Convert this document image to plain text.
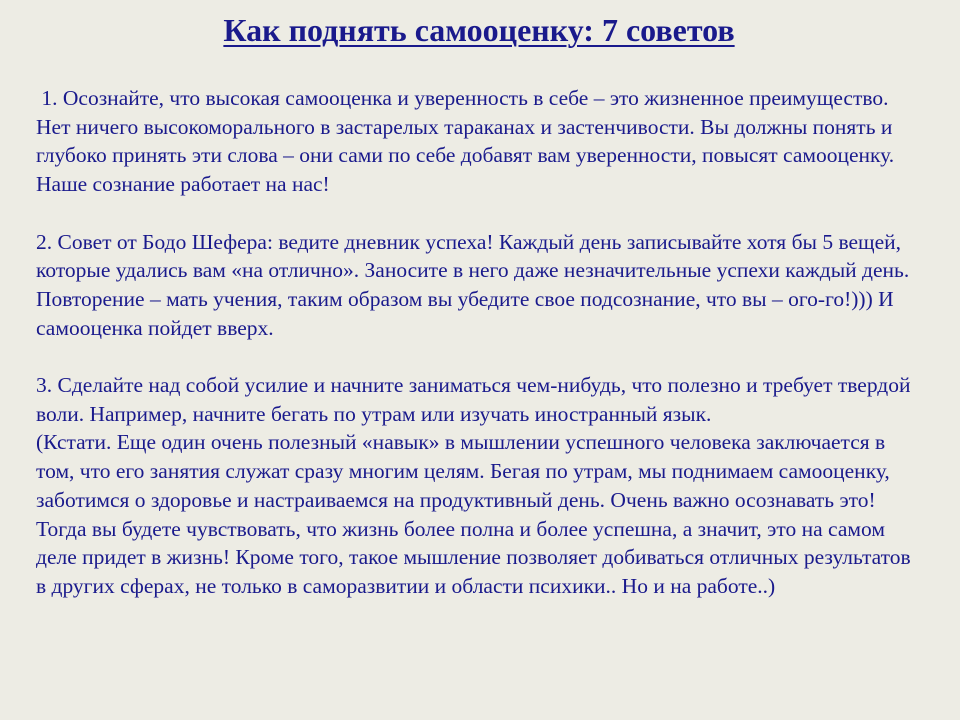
Как поднять самооценку: 7 советов

1. Осознайте, что высокая самооценка и уверенность в себе – это жизненное преимущество. Нет ничего высокоморального в застарелых тараканах и застенчивости. Вы должны понять и глубоко принять эти слова – они сами по себе добавят вам уверенности, повысят самооценку. Наше сознание работает на нас!

2. Совет от Бодо Шефера: ведите дневник успеха! Каждый день записывайте хотя бы 5 вещей, которые удались вам «на отлично». Заносите в него даже незначительные успехи каждый день. Повторение – мать учения, таким образом вы убедите свое подсознание, что вы – ого-го!))) И самооценка пойдет вверх.

3. Сделайте над собой усилие и начните заниматься чем-нибудь, что полезно и требует твердой воли. Например, начните бегать по утрам или изучать иностранный язык.

(Кстати. Еще один очень полезный «навык» в мышлении успешного человека заключается в том, что его занятия служат сразу многим целям. Бегая по утрам, мы поднимаем самооценку, заботимся о здоровье и настраиваемся на продуктивный день. Очень важно осознавать это! Тогда вы будете чувствовать, что жизнь более полна и более успешна, а значит, это на самом деле придет в жизнь! Кроме того, такое мышление позволяет добиваться отличных результатов в других сферах, не только в саморазвитии и области психики.. Но и на работе..)
